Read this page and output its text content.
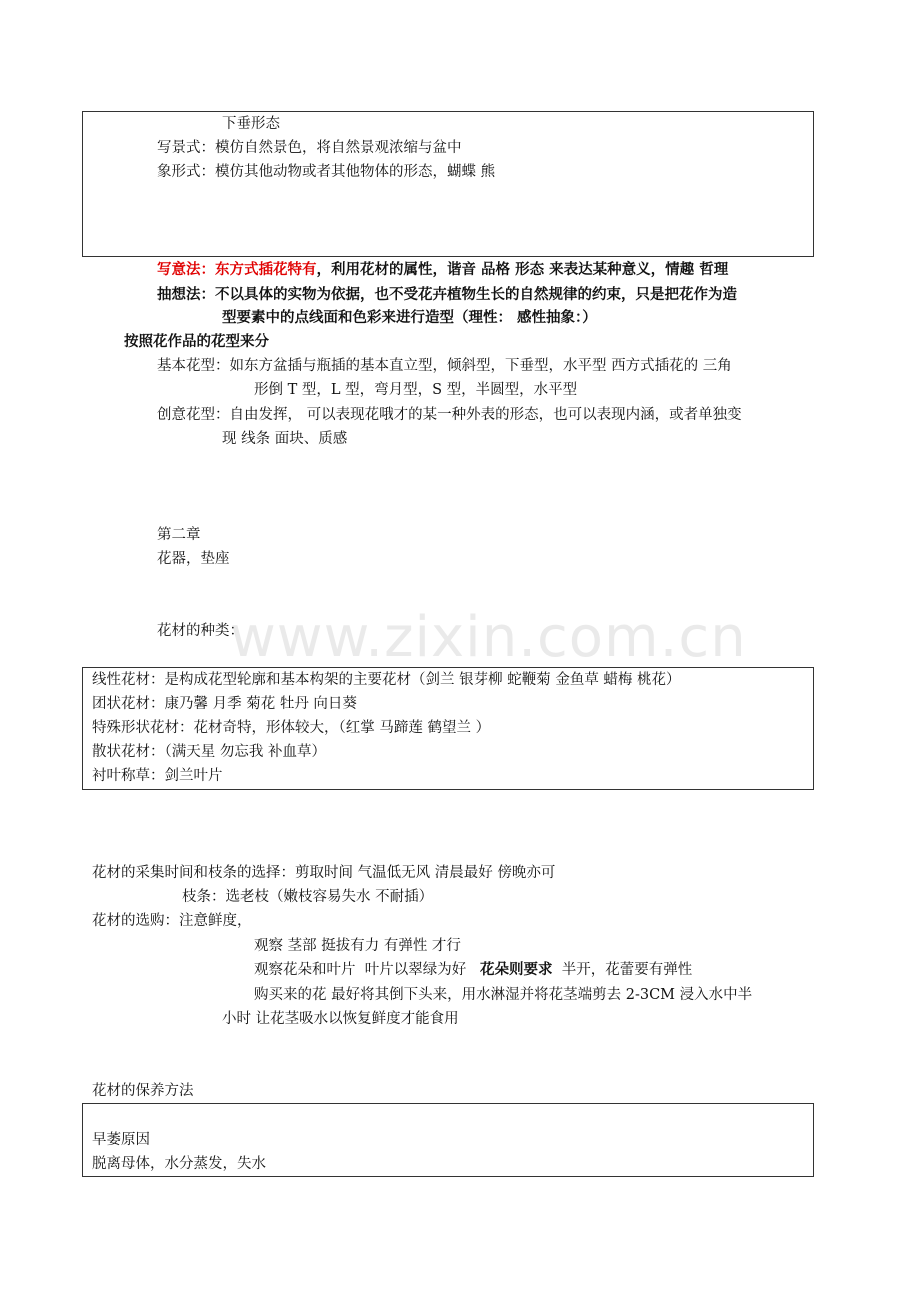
下垂形态
写景式：模仿自然景色，将自然景观浓缩与盆中
象形式：模仿其他动物或者其他物体的形态，蝴蝶 熊
写意法：东方式插花特有，利用花材的属性，谐音 品格 形态 来表达某种意义，情趣 哲理
抽想法：不以具体的实物为依据，也不受花卉植物生长的自然规律的约束，只是把花作为造
型要素中的点线面和色彩来进行造型（理性： 感性抽象：）
按照花作品的花型来分
基本花型：如东方盆插与瓶插的基本直立型，倾斜型，下垂型，水平型 西方式插花的 三角
形倒 T 型，L 型，弯月型，S 型，半圆型，水平型
创意花型：自由发挥， 可以表现花哦才的某一种外表的形态，也可以表现内涵，或者单独变
现 线条 面块、质感
第二章
花器，垫座
花材的种类：
www.zixin.com.cn
线性花材：是构成花型轮廓和基本构架的主要花材（剑兰 银芽柳 蛇鞭菊 金鱼草 蜡梅 桃花）
团状花材：康乃馨 月季 菊花 牡丹 向日葵
特殊形状花材：花材奇特，形体较大，（红掌 马蹄莲 鹤望兰 ）
散状花材：（满天星 勿忘我 补血草）
衬叶称草：剑兰叶片
花材的采集时间和枝条的选择：剪取时间 气温低无风 清晨最好 傍晚亦可
枝条：选老枝（嫩枝容易失水 不耐插）
花材的选购：注意鲜度，
观察 茎部 挺拔有力 有弹性 才行
观察花朵和叶片  叶片以翠绿为好   花朵则要求  半开，花蕾要有弹性
购买来的花 最好将其倒下头来，用水淋湿并将花茎端剪去 2-3CM 浸入水中半
小时 让花茎吸水以恢复鲜度才能食用
花材的保养方法
早萎原因
脱离母体，水分蒸发，失水
